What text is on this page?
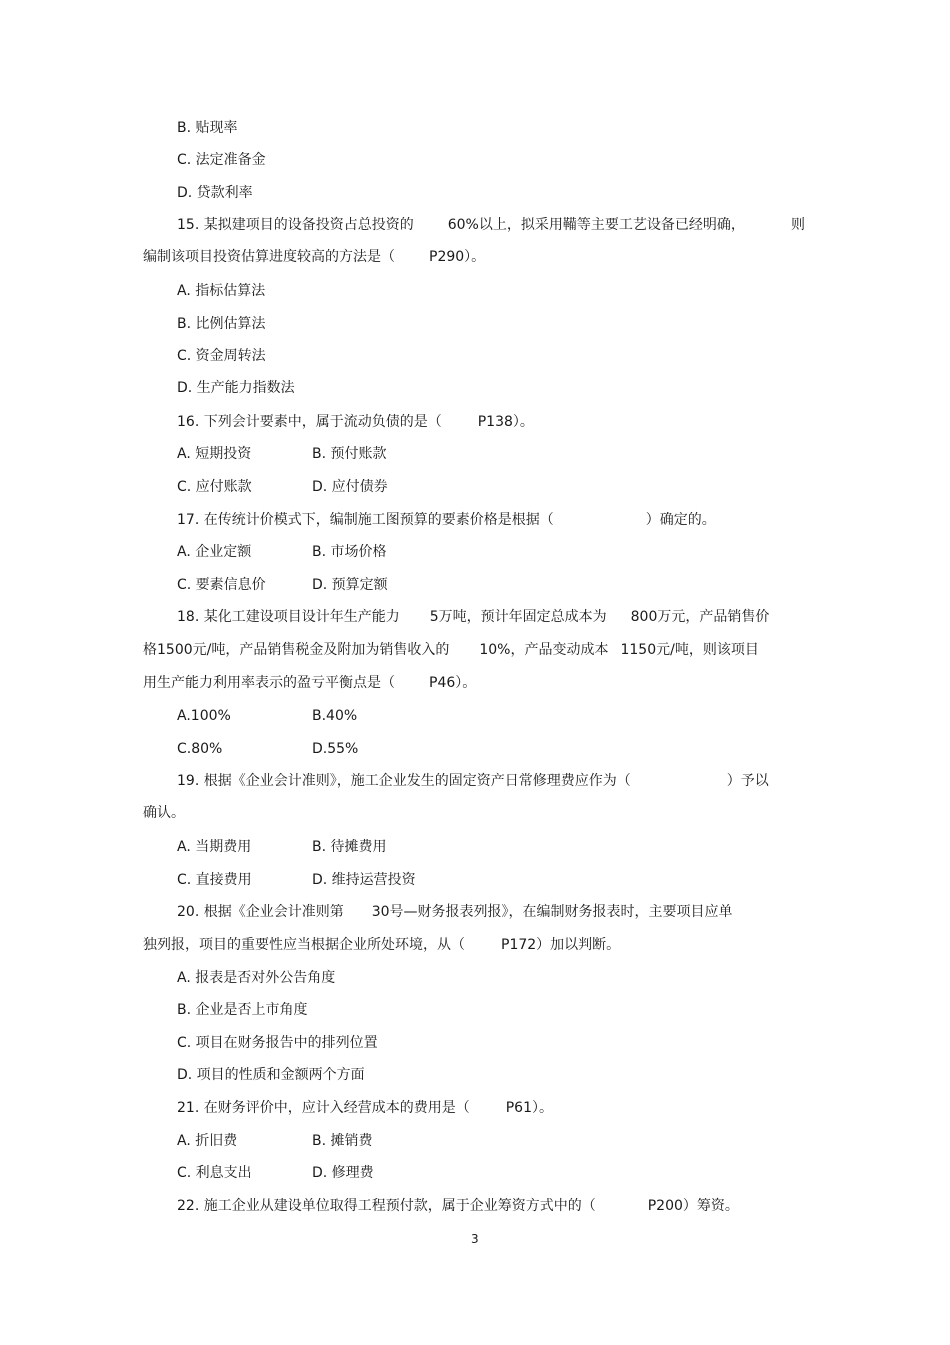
B. 贴现率
C. 法定准备金
D. 贷款利率
15. 某拟建项目的设备投资占总投资的 60%以上，拟采用鞴等主要工艺设备已经明确，	则
编制该项目投资估算进度较高的方法是（ P290）。
A. 指标估算法
B. 比例估算法
C. 资金周转法
D. 生产能力指数法
16. 下列会计要素中，属于流动负债的是（	P138）。
A. 短期投资	B. 预付账款
C. 应付账款	D. 应付债券
17. 在传统计价模式下，编制施工图预算的要素价格是根据（	）确定的。
A. 企业定额	B. 市场价格
C. 要素信息价	D. 预算定额
18. 某化工建设项目设计年生产能力 5万吨，预计年固定总成本为 800万元，产品销售价
格1500元/吨，产品销售税金及附加为销售收入的 10%，产品变动成本 1150元/吨，则该项目
用生产能力利用率表示的盈亏平衡点是（ P46）。
A.100%	B.40%
C.80%	D.55%
19. 根据《企业会计准则》，施工企业发生的固定资产日常修理费应作为（	）予以
确认。
A. 当期费用	B. 待摊费用
C. 直接费用	D. 维持运营投资
20. 根据《企业会计准则第 30号—财务报表列报》，在编制财务报表时，主要项目应单
独列报，项目的重要性应当根据企业所处环境，从（	P172）加以判断。
A. 报表是否对外公告角度
B. 企业是否上市角度
C. 项目在财务报告中的排列位置
D. 项目的性质和金额两个方面
21. 在财务评价中，应计入经营成本的费用是（	P61）。
A. 折旧费	B. 摊销费
C. 利息支出	D. 修理费
22. 施工企业从建设单位取得工程预付款，属于企业筹资方式中的（	P200）筹资。
3
